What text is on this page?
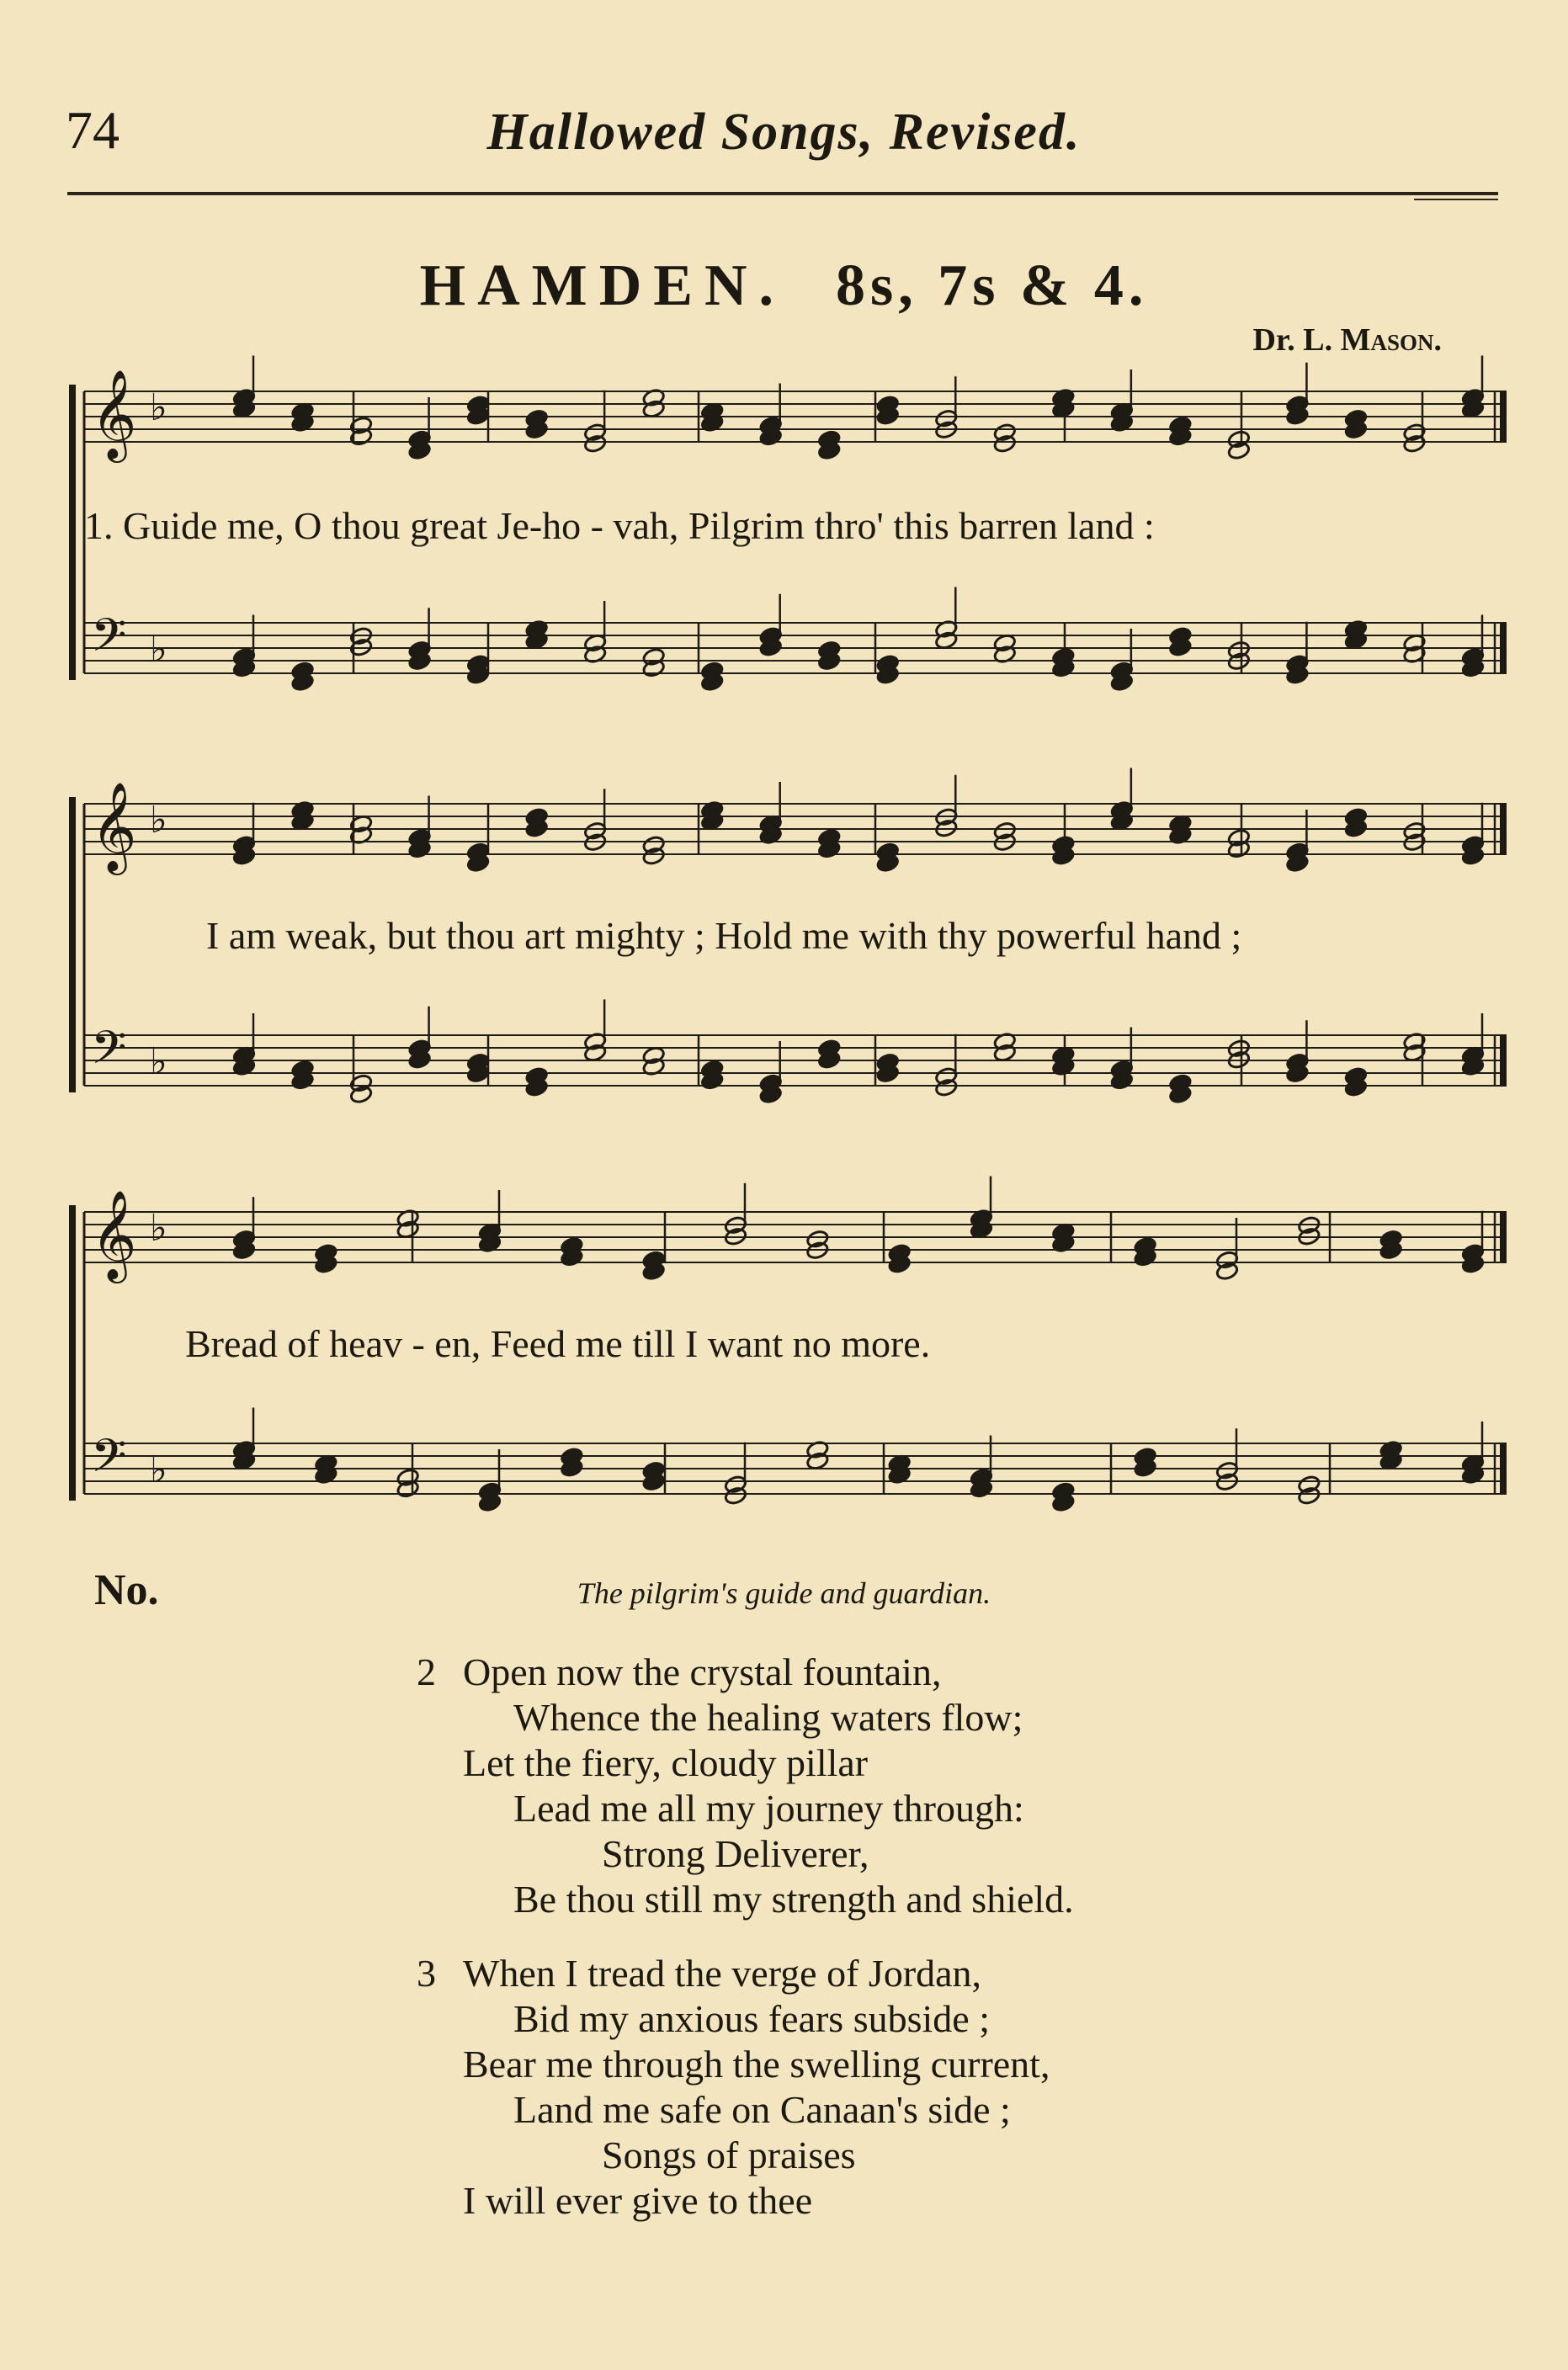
74	Hallowed Songs, Revised.
HAMDEN. 8s, 7s & 4.
Dr. L. Mason.
𝄞 ♭
𝄢 ♭
𝄞 ♭
𝄢 ♭
𝄞 ♭
𝄢 ♭
1. Guide me, O thou great Je-ho - vah, Pilgrim thro' this barren land :
I am weak, but thou art mighty ; Hold me with thy powerful hand ;
Bread of heav - en, Feed me till I want no more.
No.	The pilgrim's guide and guardian.
2 Open now the crystal fountain,
Whence the healing waters flow;
Let the fiery, cloudy pillar
Lead me all my journey through:
Strong Deliverer,
Be thou still my strength and shield.
3 When I tread the verge of Jordan,
Bid my anxious fears subside ;
Bear me through the swelling current,
Land me safe on Canaan's side ;
Songs of praises
I will ever give to thee
